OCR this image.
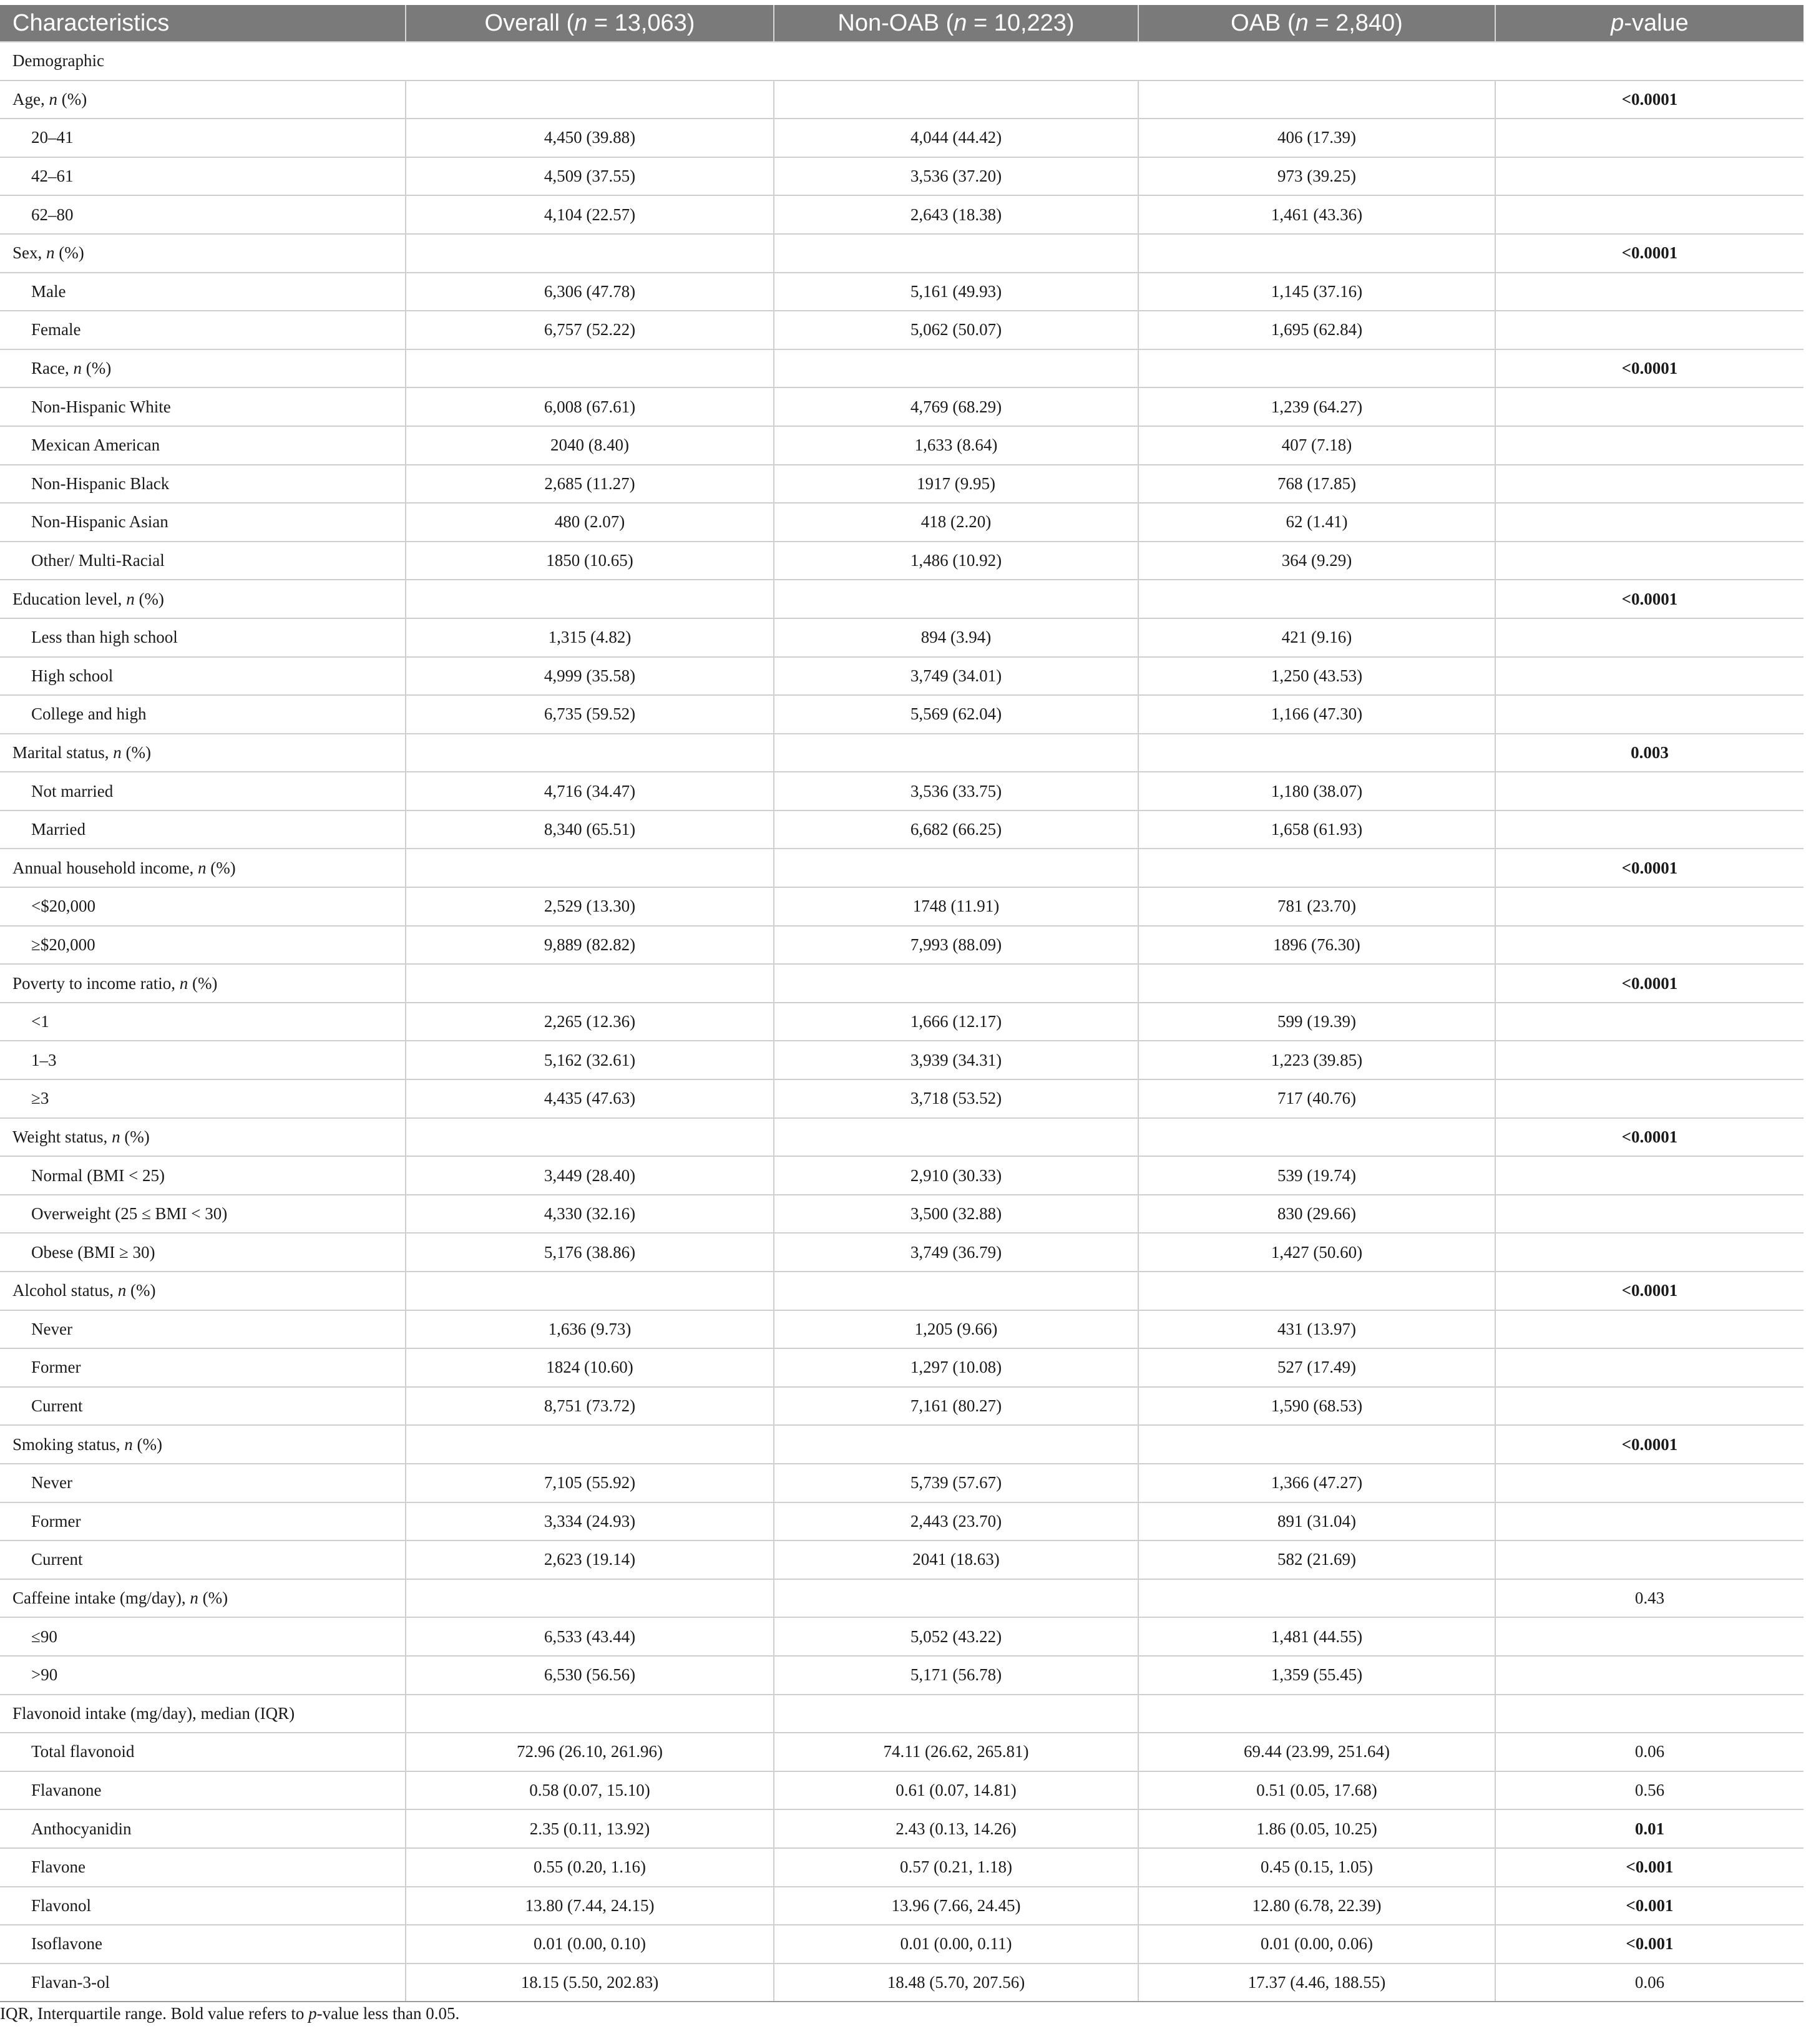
Characteristics	Overall (n = 13,063)	Non-OAB (n = 10,223)	OAB (n = 2,840)	p-value
Demographic				
Age, n (%)				<0.0001
20–41	4,450 (39.88)	4,044 (44.42)	406 (17.39)	
42–61	4,509 (37.55)	3,536 (37.20)	973 (39.25)	
62–80	4,104 (22.57)	2,643 (18.38)	1,461 (43.36)	
Sex, n (%)				<0.0001
Male	6,306 (47.78)	5,161 (49.93)	1,145 (37.16)	
Female	6,757 (52.22)	5,062 (50.07)	1,695 (62.84)	
Race, n (%)				<0.0001
Non-Hispanic White	6,008 (67.61)	4,769 (68.29)	1,239 (64.27)	
Mexican American	2040 (8.40)	1,633 (8.64)	407 (7.18)	
Non-Hispanic Black	2,685 (11.27)	1917 (9.95)	768 (17.85)	
Non-Hispanic Asian	480 (2.07)	418 (2.20)	62 (1.41)	
Other/ Multi-Racial	1850 (10.65)	1,486 (10.92)	364 (9.29)	
Education level, n (%)				<0.0001
Less than high school	1,315 (4.82)	894 (3.94)	421 (9.16)	
High school	4,999 (35.58)	3,749 (34.01)	1,250 (43.53)	
College and high	6,735 (59.52)	5,569 (62.04)	1,166 (47.30)	
Marital status, n (%)				0.003
Not married	4,716 (34.47)	3,536 (33.75)	1,180 (38.07)	
Married	8,340 (65.51)	6,682 (66.25)	1,658 (61.93)	
Annual household income, n (%)				<0.0001
<$20,000	2,529 (13.30)	1748 (11.91)	781 (23.70)	
≥$20,000	9,889 (82.82)	7,993 (88.09)	1896 (76.30)	
Poverty to income ratio, n (%)				<0.0001
<1	2,265 (12.36)	1,666 (12.17)	599 (19.39)	
1–3	5,162 (32.61)	3,939 (34.31)	1,223 (39.85)	
≥3	4,435 (47.63)	3,718 (53.52)	717 (40.76)	
Weight status, n (%)				<0.0001
Normal (BMI < 25)	3,449 (28.40)	2,910 (30.33)	539 (19.74)	
Overweight (25 ≤ BMI < 30)	4,330 (32.16)	3,500 (32.88)	830 (29.66)	
Obese (BMI ≥ 30)	5,176 (38.86)	3,749 (36.79)	1,427 (50.60)	
Alcohol status, n (%)				<0.0001
Never	1,636 (9.73)	1,205 (9.66)	431 (13.97)	
Former	1824 (10.60)	1,297 (10.08)	527 (17.49)	
Current	8,751 (73.72)	7,161 (80.27)	1,590 (68.53)	
Smoking status, n (%)				<0.0001
Never	7,105 (55.92)	5,739 (57.67)	1,366 (47.27)	
Former	3,334 (24.93)	2,443 (23.70)	891 (31.04)	
Current	2,623 (19.14)	2041 (18.63)	582 (21.69)	
Caffeine intake (mg/day), n (%)				0.43
≤90	6,533 (43.44)	5,052 (43.22)	1,481 (44.55)	
>90	6,530 (56.56)	5,171 (56.78)	1,359 (55.45)	
Flavonoid intake (mg/day), median (IQR)				
Total flavonoid	72.96 (26.10, 261.96)	74.11 (26.62, 265.81)	69.44 (23.99, 251.64)	0.06
Flavanone	0.58 (0.07, 15.10)	0.61 (0.07, 14.81)	0.51 (0.05, 17.68)	0.56
Anthocyanidin	2.35 (0.11, 13.92)	2.43 (0.13, 14.26)	1.86 (0.05, 10.25)	0.01
Flavone	0.55 (0.20, 1.16)	0.57 (0.21, 1.18)	0.45 (0.15, 1.05)	<0.001
Flavonol	13.80 (7.44, 24.15)	13.96 (7.66, 24.45)	12.80 (6.78, 22.39)	<0.001
Isoflavone	0.01 (0.00, 0.10)	0.01 (0.00, 0.11)	0.01 (0.00, 0.06)	<0.001
Flavan-3-ol	18.15 (5.50, 202.83)	18.48 (5.70, 207.56)	17.37 (4.46, 188.55)	0.06
IQR, Interquartile range. Bold value refers to p-value less than 0.05.
